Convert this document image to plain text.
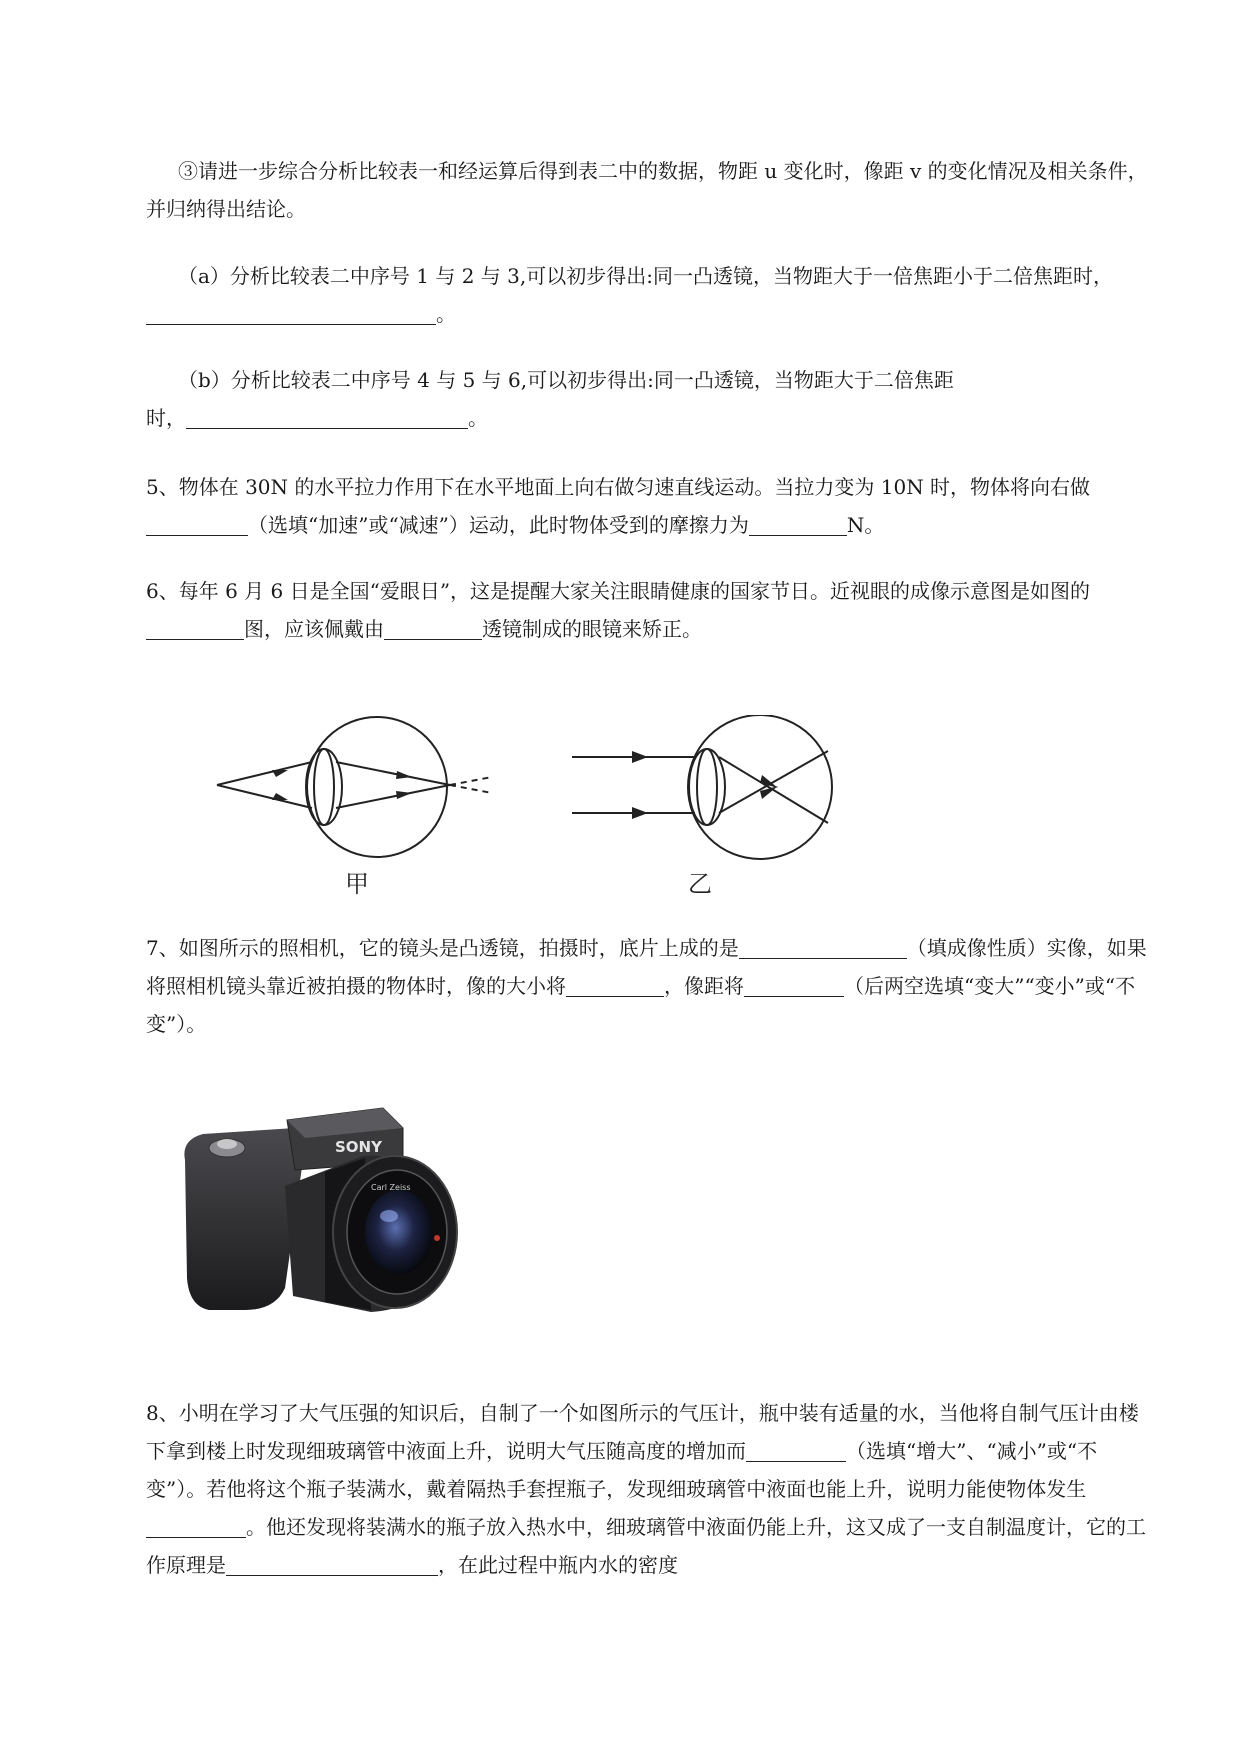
③请进一步综合分析比较表一和经运算后得到表二中的数据，物距 u 变化时，像距 v 的变化情况及相关条件，并归纳得出结论。

（a）分析比较表二中序号 1 与 2 与 3,可以初步得出:同一凸透镜，当物距大于一倍焦距小于二倍焦距时，。

（b）分析比较表二中序号 4 与 5 与 6,可以初步得出:同一凸透镜，当物距大于二倍焦距
时，	。

5、物体在 30N 的水平拉力作用下在水平地面上向右做匀速直线运动。当拉力变为 10N 时，物体将向右做（选填“加速”或“减速”）运动，此时物体受到的摩擦力为	N。

6、每年 6 月 6 日是全国“爱眼日”，这是提醒大家关注眼睛健康的国家节日。近视眼的成像示意图是如图的图，应该佩戴由	透镜制成的眼镜来矫正。

甲	乙

7、如图所示的照相机，它的镜头是凸透镜，拍摄时，底片上成的是	（填成像性质）实像，如果将照相机镜头靠近被拍摄的物体时，像的大小将	，像距将	（后两空选填“变大”“变小”或“不变”）。

SONY
Carl Zeiss

8、小明在学习了大气压强的知识后，自制了一个如图所示的气压计，瓶中装有适量的水，当他将自制气压计由楼下拿到楼上时发现细玻璃管中液面上升，说明大气压随高度的增加而	（选填“增大”、“减小”或“不变”）。若他将这个瓶子装满水，戴着隔热手套捏瓶子，发现细玻璃管中液面也能上升，说明力能使物体发生。他还发现将装满水的瓶子放入热水中，细玻璃管中液面仍能上升，这又成了一支自制温度计，它的工作原理是	，在此过程中瓶内水的密度
